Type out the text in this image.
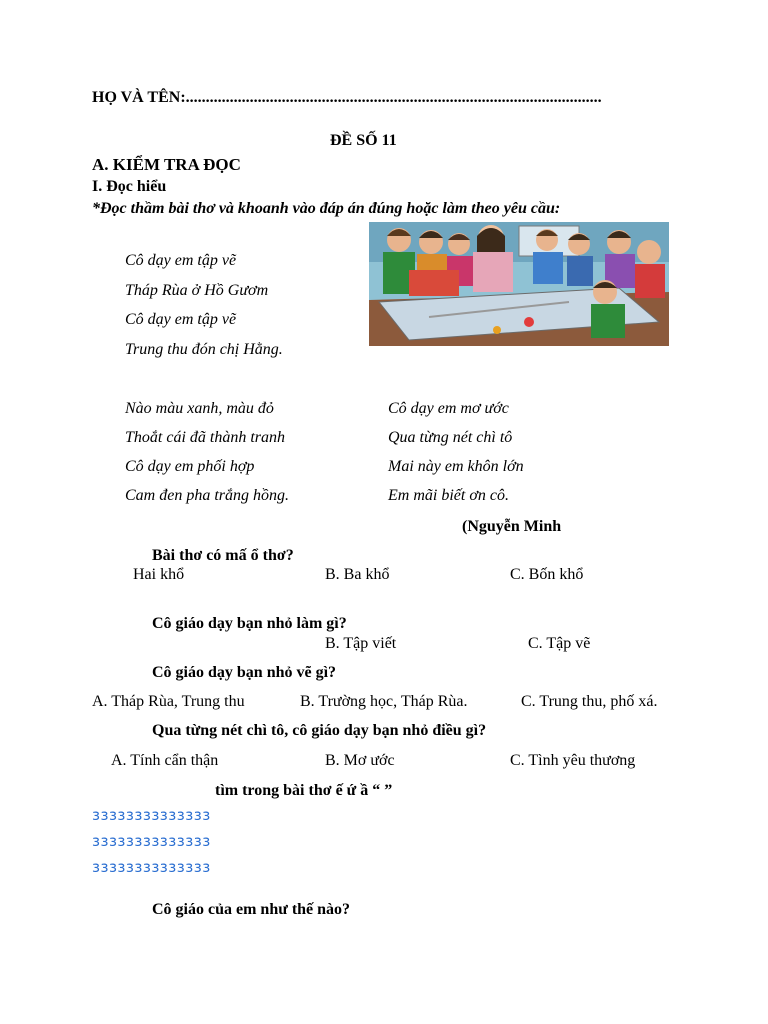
HỌ VÀ TÊN:........................................................................................................
ĐỀ SỐ 11
A. KIỂM TRA ĐỌC
I. Đọc hiểu
*Đọc thầm bài thơ và khoanh vào đáp án đúng hoặc làm theo yêu cầu:
Cô dạy em tập vẽ
Tháp Rùa ở Hồ Gươm
Cô dạy em tập vẽ
Trung thu đón chị Hằng.
Nào màu xanh, màu đỏ
Thoắt cái đã thành tranh
Cô dạy em phối hợp
Cam đen pha trắng hồng.
Cô dạy em mơ ước
Qua từng nét chì tô
Mai này em khôn lớn
Em mãi biết ơn cô.
(Nguyễn Minh
Bài thơ có mấ ổ thơ?
Hai khổ	B. Ba khổ	C. Bốn khổ
Cô giáo dạy bạn nhỏ làm gì?
B. Tập viết	C. Tập vẽ
Cô giáo dạy bạn nhỏ vẽ gì?
A. Tháp Rùa, Trung thu	B. Trường học, Tháp Rùa.	C. Trung thu, phố xá.
Qua từng nét chì tô, cô giáo dạy bạn nhỏ điều gì?
A. Tính cẩn thận	B. Mơ ước	C. Tình yêu thương
tìm trong bài thơ ế ứ ầ “ ”
ɜɜɜɜɜɜɜɜɜɜɜɜɜɜ
ɜɜɜɜɜɜɜɜɜɜɜɜɜɜ
ɜɜɜɜɜɜɜɜɜɜɜɜɜɜ
Cô giáo của em như thế nào?
